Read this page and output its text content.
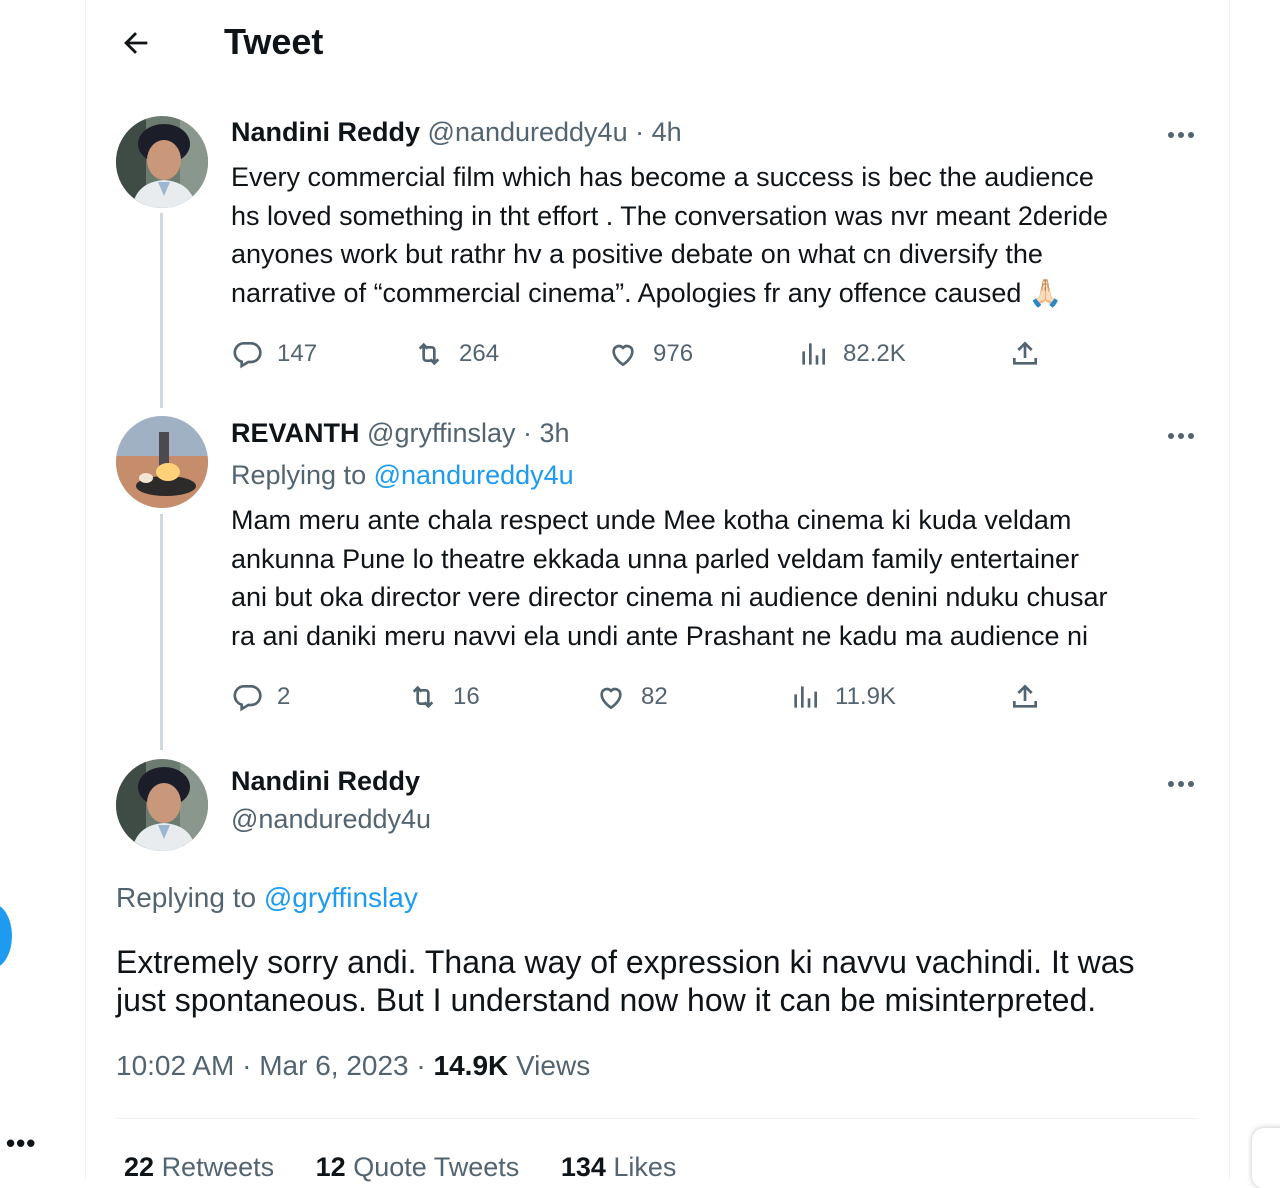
•••
Tweet
Nandini Reddy @nandureddy4u · 4h
Every commercial film which has become a success is bec the audience
hs loved something in tht effort . The conversation was nvr meant 2deride
anyones work but rathr hv a positive debate on what cn diversify the
narrative of “commercial cinema”. Apologies fr any offence caused 🙏🏻
147	264	976	82.2K
REVANTH @gryffinslay · 3h
Replying to @nandureddy4u
Mam meru ante chala respect unde Mee kotha cinema ki kuda veldam
ankunna Pune lo theatre ekkada unna parled veldam family entertainer
ani but oka director vere director cinema ni audience denini nduku chusar
ra ani daniki meru navvi ela undi ante Prashant ne kadu ma audience ni
2	16	82	11.9K
Nandini Reddy
@nandureddy4u
Replying to @gryffinslay
Extremely sorry andi. Thana way of expression ki navvu vachindi. It was
just spontaneous. But I understand now how it can be misinterpreted.
10:02 AM · Mar 6, 2023 · 14.9K Views
22 Retweets 12 Quote Tweets 134 Likes
